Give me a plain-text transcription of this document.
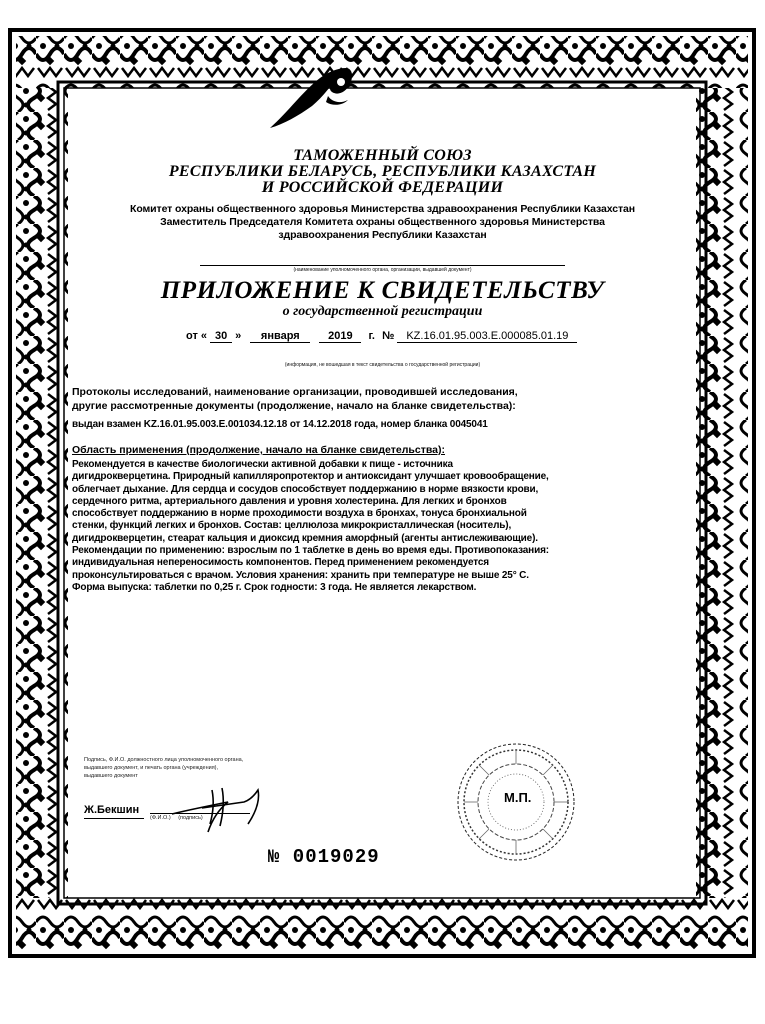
ТАМОЖЕННЫЙ СОЮЗ
РЕСПУБЛИКИ БЕЛАРУСЬ, РЕСПУБЛИКИ КАЗАХСТАН
И РОССИЙСКОЙ ФЕДЕРАЦИИ
Комитет охраны общественного здоровья Министерства здравоохранения Республики Казахстан
Заместитель Председателя Комитета охраны общественного здоровья Министерства
здравоохранения Республики Казахстан
(наименование уполномоченного органа, организации, выдавшей документ)
ПРИЛОЖЕНИЕ К СВИДЕТЕЛЬСТВУ
о государственной регистрации
от « 30 » января	2019 г. № KZ.16.01.95.003.E.000085.01.19
(информация, не вошедшая в текст свидетельства о государственной регистрации)
Протоколы исследований, наименование организации, проводившей исследования,
другие рассмотренные документы (продолжение, начало на бланке свидетельства):
выдан взамен KZ.16.01.95.003.E.001034.12.18 от 14.12.2018 года, номер бланка 0045041
Область применения (продолжение, начало на бланке свидетельства):
Рекомендуется в качестве биологически активной добавки к пище - источника
дигидрокверцетина. Природный капилляропротектор и антиоксидант улучшает кровообращение,
облегчает дыхание. Для сердца и сосудов способствует поддержанию в норме вязкости крови,
сердечного ритма, артериального давления и уровня холестерина. Для легких и бронхов
способствует поддержанию в норме проходимости воздуха в бронхах, тонуса бронхиальной
стенки, функций легких и бронхов. Состав: целлюлоза микрокристаллическая (носитель),
дигидрокверцетин, стеарат кальция и диоксид кремния аморфный (агенты антислеживающие).
Рекомендации по применению: взрослым по 1 таблетке в день во время еды. Противопоказания:
индивидуальная непереносимость компонентов. Перед применением рекомендуется
проконсультироваться с врачом. Условия хранения: хранить при температуре не выше 25° С.
Форма выпуска: таблетки по 0,25 г. Срок годности: 3 года. Не является лекарством.
Подпись, Ф.И.О. должностного лица уполномоченного органа,
выдавшего документ, и печать органа (учреждения),
выдавшего документ
Ж.Бекшин
(Ф.И.О.) (подпись)
М.П.
№ 0019029
